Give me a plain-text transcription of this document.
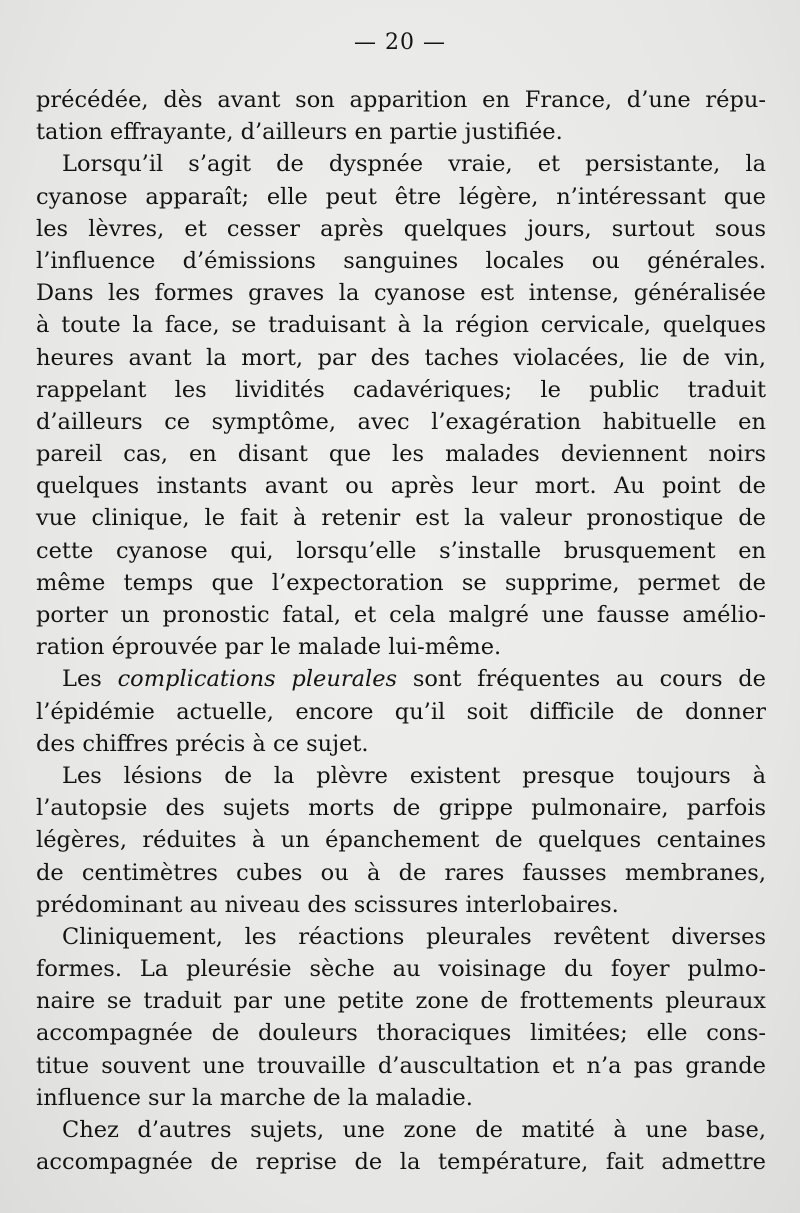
— 20 —
précédée, dès avant son apparition en France, d’une répu-
tation effrayante, d’ailleurs en partie justifiée.
Lorsqu’il s’agit de dyspnée vraie, et persistante, la
cyanose apparaît; elle peut être légère, n’intéressant que
les lèvres, et cesser après quelques jours, surtout sous
l’influence d’émissions sanguines locales ou générales.
Dans les formes graves la cyanose est intense, généralisée
à toute la face, se traduisant à la région cervicale, quelques
heures avant la mort, par des taches violacées, lie de vin,
rappelant les lividités cadavériques; le public traduit
d’ailleurs ce symptôme, avec l’exagération habituelle en
pareil cas, en disant que les malades deviennent noirs
quelques instants avant ou après leur mort. Au point de
vue clinique, le fait à retenir est la valeur pronostique de
cette cyanose qui, lorsqu’elle s’installe brusquement en
même temps que l’expectoration se supprime, permet de
porter un pronostic fatal, et cela malgré une fausse amélio-
ration éprouvée par le malade lui-même.
Les complications pleurales sont fréquentes au cours de
l’épidémie actuelle, encore qu’il soit difficile de donner
des chiffres précis à ce sujet.
Les lésions de la plèvre existent presque toujours à
l’autopsie des sujets morts de grippe pulmonaire, parfois
légères, réduites à un épanchement de quelques centaines
de centimètres cubes ou à de rares fausses membranes,
prédominant au niveau des scissures interlobaires.
Cliniquement, les réactions pleurales revêtent diverses
formes. La pleurésie sèche au voisinage du foyer pulmo-
naire se traduit par une petite zone de frottements pleuraux
accompagnée de douleurs thoraciques limitées; elle cons-
titue souvent une trouvaille d’auscultation et n’a pas grande
influence sur la marche de la maladie.
Chez d’autres sujets, une zone de matité à une base,
accompagnée de reprise de la température, fait admettre
